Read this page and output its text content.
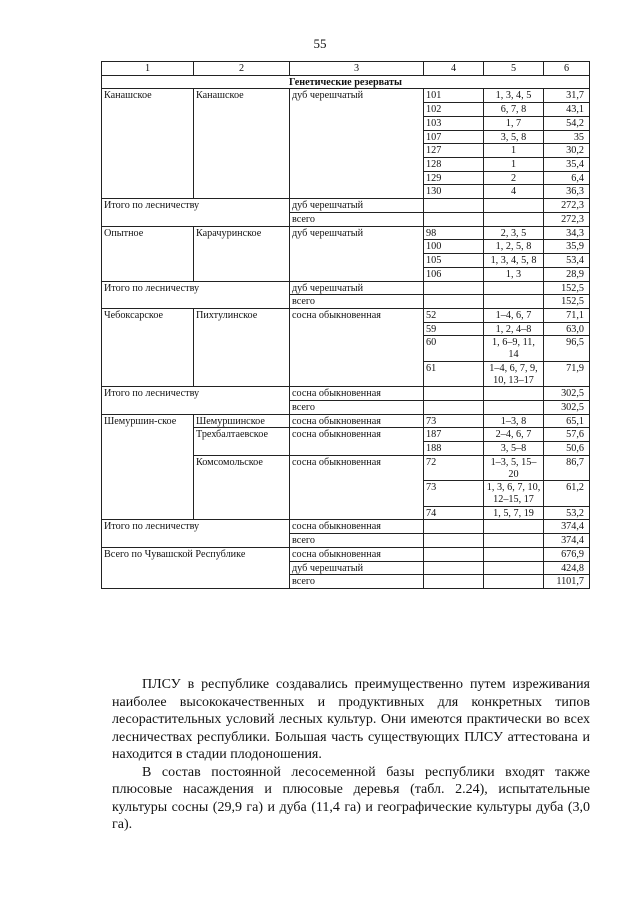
55
1	2	3	4	5	6
Генетические резерваты					
Канашское	Канашское	дуб черешчатый	101	1, 3, 4, 5	31,7
			102	6, 7, 8	43,1
			103	1, 7	54,2
			107	3, 5, 8	35
			127	1	30,2
			128	1	35,4
			129	2	6,4
			130	4	36,3
Итого по лесничеству		дуб черешчатый			272,3
		всего			272,3
Опытное	Карачуринское	дуб черешчатый	98	2, 3, 5	34,3
			100	1, 2, 5, 8	35,9
			105	1, 3, 4, 5, 8	53,4
			106	1, 3	28,9
Итого по лесничеству		дуб черешчатый			152,5
		всего			152,5
Чебоксарское	Пихтулинское	сосна обыкновенная	52	1–4, 6, 7	71,1
			59	1, 2, 4–8	63,0
			60	1, 6–9, 11, 14	96,5
			61	1–4, 6, 7, 9, 10, 13–17	71,9
Итого по лесничеству		сосна обыкновенная			302,5
		всего			302,5
Шемуршин-ское	Шемуршинское	сосна обыкновенная	73	1–3, 8	65,1
	Трехбалтаевское	сосна обыкновенная	187	2–4, 6, 7	57,6
			188	3, 5–8	50,6
	Комсомольское	сосна обыкновенная	72	1–3, 5, 15–20	86,7
			73	1, 3, 6, 7, 10, 12–15, 17	61,2
			74	1, 5, 7, 19	53,2
Итого по лесничеству		сосна обыкновенная			374,4
		всего			374,4
Всего по Чувашской Республике		сосна обыкновенная			676,9
		дуб черешчатый			424,8
		всего			1101,7

ПЛСУ в республике создавались преимущественно путем изреживания наиболее высококачественных и продуктивных для конкретных типов лесорастительных условий лесных культур. Они имеются практически во всех лесничествах республики. Большая часть существующих ПЛСУ аттестована и находится в стадии плодоношения.

В состав постоянной лесосеменной базы республики входят также плюсовые насаждения и плюсовые деревья (табл. 2.24), испытательные культуры сосны (29,9 га) и дуба (11,4 га) и географические культуры дуба (3,0 га).
